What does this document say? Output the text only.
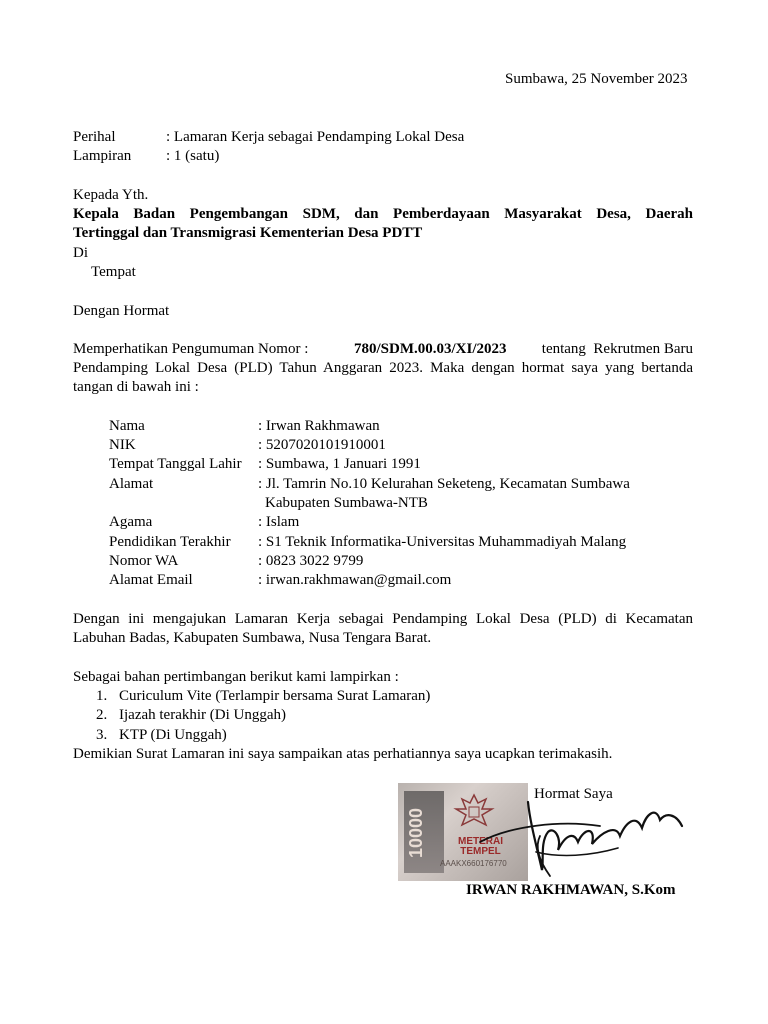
Sumbawa, 25 November 2023
Perihal	: Lamaran Kerja sebagai Pendamping Lokal Desa
Lampiran : 1 (satu)
Kepada Yth.
Kepala Badan Pengembangan SDM, dan Pemberdayaan Masyarakat Desa, Daerah
Tertinggal dan Transmigrasi Kementerian Desa PDTT
Di
Tempat
Dengan Hormat
Memperhatikan Pengumuman Nomor :	780/SDM.00.03/XI/2023	tentang  Rekrutmen Baru
Pendamping Lokal Desa (PLD) Tahun Anggaran 2023. Maka dengan hormat saya yang bertanda
tangan di bawah ini :
Nama	: Irwan Rakhmawan
NIK	: 5207020101910001
Tempat Tanggal Lahir : Sumbawa, 1 Januari 1991
Alamat	: Jl. Tamrin No.10 Kelurahan Seketeng, Kecamatan Sumbawa
Kabupaten Sumbawa-NTB
Agama	: Islam
Pendidikan Terakhir : S1 Teknik Informatika-Universitas Muhammadiyah Malang
Nomor WA	: 0823 3022 9799
Alamat Email	: irwan.rakhmawan@gmail.com
Dengan ini mengajukan Lamaran Kerja sebagai Pendamping Lokal Desa (PLD) di Kecamatan
Labuhan Badas, Kabupaten Sumbawa, Nusa Tengara Barat.
Sebagai bahan pertimbangan berikut kami lampirkan :
1. Curiculum Vite (Terlampir bersama Surat Lamaran)
2. Ijazah terakhir (Di Unggah)
3. KTP (Di Unggah)
Demikian Surat Lamaran ini saya sampaikan atas perhatiannya saya ucapkan terimakasih.
10000	METERAI
TEMPEL
AAAKX660176770
Hormat Saya
IRWAN RAKHMAWAN, S.Kom
